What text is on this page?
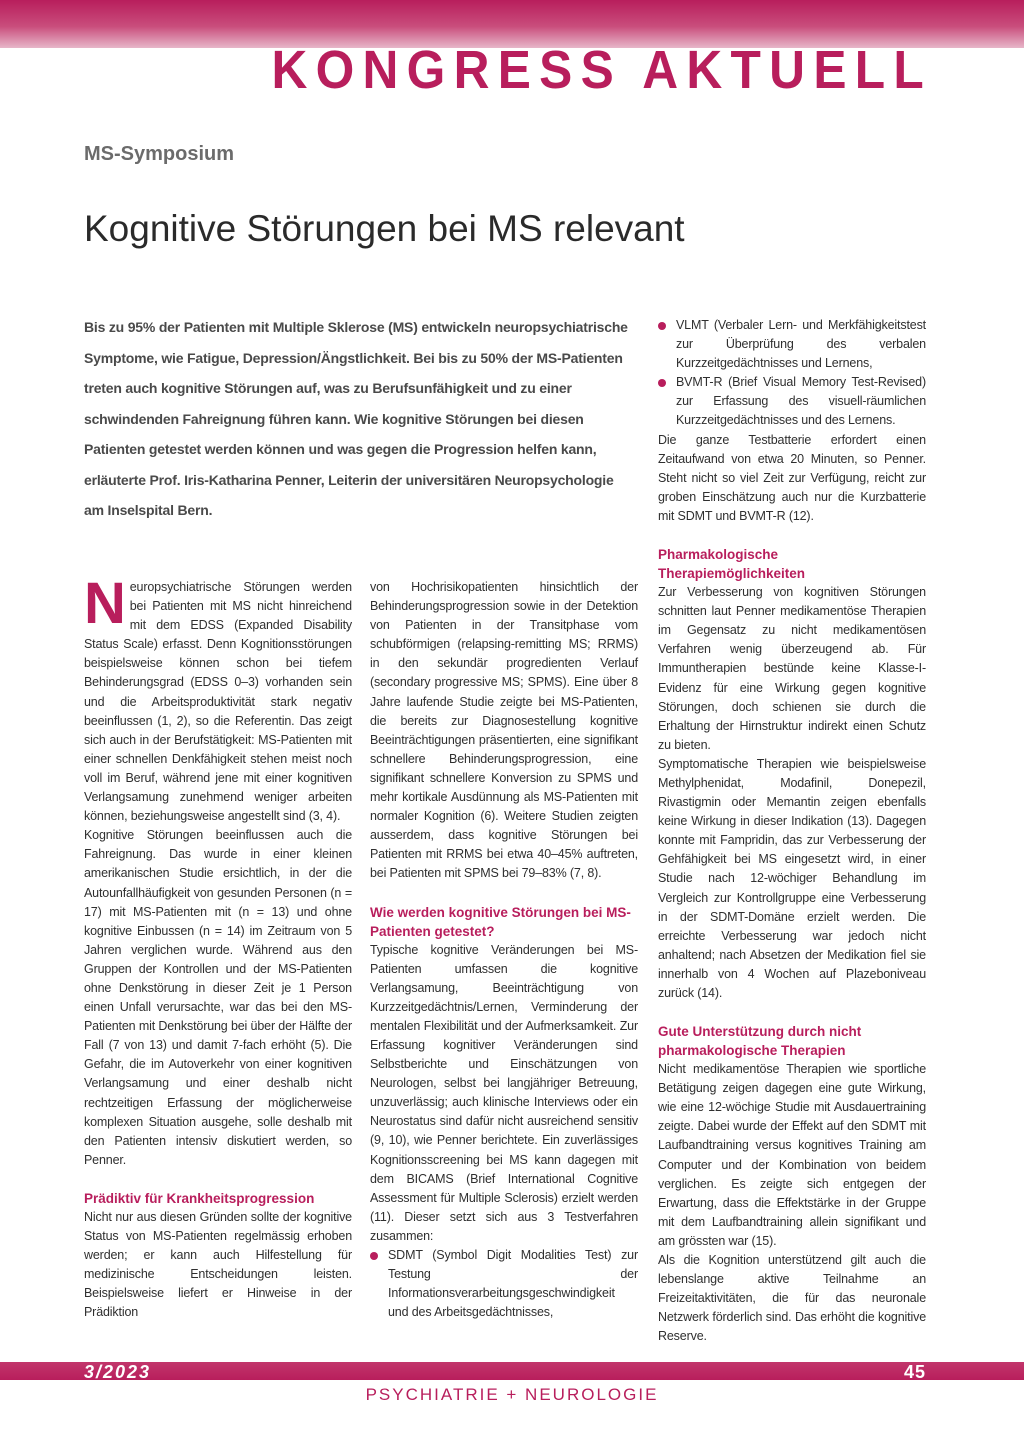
KONGRESS AKTUELL
MS-Symposium
Kognitive Störungen bei MS relevant

Bis zu 95% der Patienten mit Multiple Sklerose (MS) entwickeln neuropsychiatrische Symptome, wie Fatigue, Depression/Ängstlichkeit. Bei bis zu 50% der MS-Patienten treten auch kognitive Störungen auf, was zu Berufsunfähigkeit und zu einer schwindenden Fahreignung führen kann. Wie kognitive Störungen bei diesen Patienten getestet werden können und was gegen die Progression helfen kann, erläuterte Prof. Iris-Katharina Penner, Leiterin der universitären Neuropsychologie am Inselspital Bern.

Neuropsychiatrische Störungen werden bei Patienten mit MS nicht hinreichend mit dem EDSS (Expanded Disability Status Scale) erfasst. Denn Kognitionsstörungen beispielsweise können schon bei tiefem Behinderungsgrad (EDSS 0–3) vorhanden sein und die Arbeitsproduktivität stark negativ beeinflussen (1, 2), so die Referentin. Das zeigt sich auch in der Berufstätigkeit: MS-Patienten mit einer schnellen Denkfähigkeit stehen meist noch voll im Beruf, während jene mit einer kognitiven Verlangsamung zunehmend weniger arbeiten können, beziehungsweise angestellt sind (3, 4).

Kognitive Störungen beeinflussen auch die Fahreignung. Das wurde in einer kleinen amerikanischen Studie ersichtlich, in der die Autounfallhäufigkeit von gesunden Personen (n = 17) mit MS-Patienten mit (n = 13) und ohne kognitive Einbussen (n = 14) im Zeitraum von 5 Jahren verglichen wurde. Während aus den Gruppen der Kontrollen und der MS-Patienten ohne Denkstörung in dieser Zeit je 1 Person einen Unfall verursachte, war das bei den MS-Patienten mit Denkstörung bei über der Hälfte der Fall (7 von 13) und damit 7-fach erhöht (5). Die Gefahr, die im Autoverkehr von einer kognitiven Verlangsamung und einer deshalb nicht rechtzeitigen Erfassung der möglicherweise komplexen Situation ausgehe, solle deshalb mit den Patienten intensiv diskutiert werden, so Penner.

Prädiktiv für Krankheitsprogression

Nicht nur aus diesen Gründen sollte der kognitive Status von MS-Patienten regelmässig erhoben werden; er kann auch Hilfestellung für medizinische Entscheidungen leisten. Beispielsweise liefert er Hinweise in der Prädiktion

von Hochrisikopatienten hinsichtlich der Behinderungsprogression sowie in der Detektion von Patienten in der Transitphase vom schubförmigen (relapsing-remitting MS; RRMS) in den sekundär progredienten Verlauf (secondary progressive MS; SPMS). Eine über 8 Jahre laufende Studie zeigte bei MS-Patienten, die bereits zur Diagnosestellung kognitive Beeinträchtigungen präsentierten, eine signifikant schnellere Behinderungsprogression, eine signifikant schnellere Konversion zu SPMS und mehr kortikale Ausdünnung als MS-Patienten mit normaler Kognition (6). Weitere Studien zeigten ausserdem, dass kognitive Störungen bei Patienten mit RRMS bei etwa 40–45% auftreten, bei Patienten mit SPMS bei 79–83% (7, 8).

Wie werden kognitive Störungen bei MS-Patienten getestet?

Typische kognitive Veränderungen bei MS-Patienten umfassen die kognitive Verlangsamung, Beeinträchtigung von Kurzzeitgedächtnis/Lernen, Verminderung der mentalen Flexibilität und der Aufmerksamkeit. Zur Erfassung kognitiver Veränderungen sind Selbstberichte und Einschätzungen von Neurologen, selbst bei langjähriger Betreuung, unzuverlässig; auch klinische Interviews oder ein Neurostatus sind dafür nicht ausreichend sensitiv (9, 10), wie Penner berichtete. Ein zuverlässiges Kognitionsscreening bei MS kann dagegen mit dem BICAMS (Brief International Cognitive Assessment für Multiple Sclerosis) erzielt werden (11). Dieser setzt sich aus 3 Testverfahren zusammen:

SDMT (Symbol Digit Modalities Test) zur Testung der Informationsverarbeitungsgeschwindigkeit und des Arbeitsgedächtnisses,
VLMT (Verbaler Lern- und Merkfähigkeitstest zur Überprüfung des verbalen Kurzzeitgedächtnisses und Lernens,
BVMT-R (Brief Visual Memory Test-Revised) zur Erfassung des visuell-räumlichen Kurzzeitgedächtnisses und des Lernens.

Die ganze Testbatterie erfordert einen Zeitaufwand von etwa 20 Minuten, so Penner. Steht nicht so viel Zeit zur Verfügung, reicht zur groben Einschätzung auch nur die Kurzbatterie mit SDMT und BVMT-R (12).

Pharmakologische Therapiemöglichkeiten

Zur Verbesserung von kognitiven Störungen schnitten laut Penner medikamentöse Therapien im Gegensatz zu nicht medikamentösen Verfahren wenig überzeugend ab. Für Immuntherapien bestünde keine Klasse-I-Evidenz für eine Wirkung gegen kognitive Störungen, doch schienen sie durch die Erhaltung der Hirnstruktur indirekt einen Schutz zu bieten.

Symptomatische Therapien wie beispielsweise Methylphenidat, Modafinil, Donepezil, Rivastigmin oder Memantin zeigen ebenfalls keine Wirkung in dieser Indikation (13). Dagegen konnte mit Fampridin, das zur Verbesserung der Gehfähigkeit bei MS eingesetzt wird, in einer Studie nach 12-wöchiger Behandlung im Vergleich zur Kontrollgruppe eine Verbesserung in der SDMT-Domäne erzielt werden. Die erreichte Verbesserung war jedoch nicht anhaltend; nach Absetzen der Medikation fiel sie innerhalb von 4 Wochen auf Plazeboniveau zurück (14).

Gute Unterstützung durch nicht pharmakologische Therapien

Nicht medikamentöse Therapien wie sportliche Betätigung zeigen dagegen eine gute Wirkung, wie eine 12-wöchige Studie mit Ausdauertraining zeigte. Dabei wurde der Effekt auf den SDMT mit Laufbandtraining versus kognitives Training am Computer und der Kombination von beidem verglichen. Es zeigte sich entgegen der Erwartung, dass die Effektstärke in der Gruppe mit dem Laufbandtraining allein signifikant und am grössten war (15).

Als die Kognition unterstützend gilt auch die lebenslange aktive Teilnahme an Freizeitaktivitäten, die für das neuronale Netzwerk förderlich sind. Das erhöht die kognitive Reserve.

3/2023	45
PSYCHIATRIE + NEUROLOGIE
